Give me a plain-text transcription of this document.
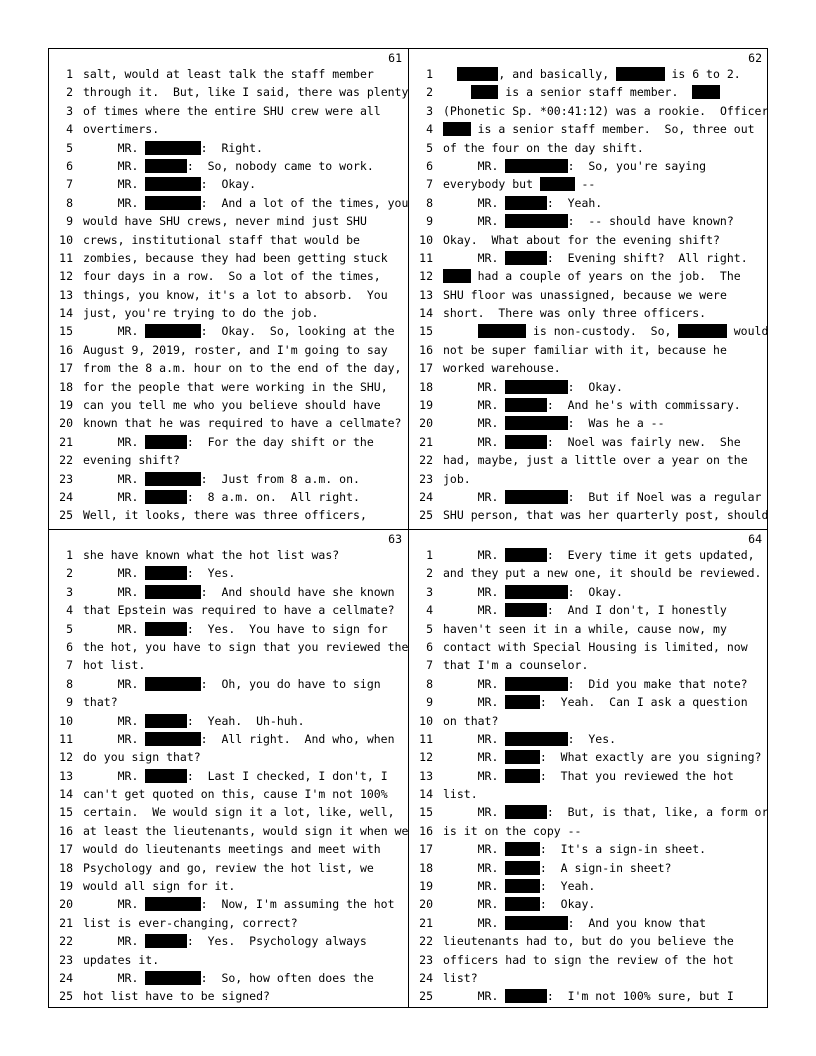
61
1 salt, would at least talk the staff member
2 through it.  But, like I said, there was plenty
3 of times where the entire SHU crew were all
4 overtimers.
5 MR.	:  Right.
6 MR.	:  So, nobody came to work.
7 MR.	:  Okay.
8 MR.	:  And a lot of the times, you
9 would have SHU crews, never mind just SHU
10 crews, institutional staff that would be
11 zombies, because they had been getting stuck
12 four days in a row.  So a lot of the times,
13 things, you know, it's a lot to absorb.  You
14 just, you're trying to do the job.
15 MR.	:  Okay.  So, looking at the
16 August 9, 2019, roster, and I'm going to say
17 from the 8 a.m. hour on to the end of the day,
18 for the people that were working in the SHU,
19 can you tell me who you believe should have
20 known that he was required to have a cellmate?
21 MR.	:  For the day shift or the
22 evening shift?
23 MR.	:  Just from 8 a.m. on.
24 MR.	:  8 a.m. on.  All right.
25 Well, it looks, there was three officers,
62
1	, and basically,	is 6 to 2.
2	is a senior staff member.
3 (Phonetic Sp. *00:41:12) was a rookie.  Officer
4	is a senior staff member.  So, three out
5 of the four on the day shift.
6 MR.	:  So, you're saying
7 everybody but	--
8 MR.	:  Yeah.
9 MR.	:  -- should have known?
10 Okay.  What about for the evening shift?
11 MR.	:  Evening shift?  All right.
12	had a couple of years on the job.  The
13 SHU floor was unassigned, because we were
14 short.  There was only three officers.
15	is non-custody.  So,	would
16 not be super familiar with it, because he
17 worked warehouse.
18 MR.	:  Okay.
19 MR.	:  And he's with commissary.
20 MR.	:  Was he a --
21 MR.	:  Noel was fairly new.  She
22 had, maybe, just a little over a year on the
23 job.
24 MR.	:  But if Noel was a regular
25 SHU person, that was her quarterly post, should
63
1 she have known what the hot list was?
2 MR.	:  Yes.
3 MR.	:  And should have she known
4 that Epstein was required to have a cellmate?
5 MR.	:  Yes.  You have to sign for
6 the hot, you have to sign that you reviewed the
7 hot list.
8 MR.	:  Oh, you do have to sign
9 that?
10 MR.	:  Yeah.  Uh-huh.
11 MR.	:  All right.  And who, when
12 do you sign that?
13 MR.	:  Last I checked, I don't, I
14 can't get quoted on this, cause I'm not 100%
15 certain.  We would sign it a lot, like, well,
16 at least the lieutenants, would sign it when we
17 would do lieutenants meetings and meet with
18 Psychology and go, review the hot list, we
19 would all sign for it.
20 MR.	:  Now, I'm assuming the hot
21 list is ever-changing, correct?
22 MR.	:  Yes.  Psychology always
23 updates it.
24 MR.	:  So, how often does the
25 hot list have to be signed?
64
1 MR.	:  Every time it gets updated,
2 and they put a new one, it should be reviewed.
3 MR.	:  Okay.
4 MR.	:  And I don't, I honestly
5 haven't seen it in a while, cause now, my
6 contact with Special Housing is limited, now
7 that I'm a counselor.
8 MR.	:  Did you make that note?
9 MR.	:  Yeah.  Can I ask a question
10 on that?
11 MR.	:  Yes.
12 MR.	:  What exactly are you signing?
13 MR.	:  That you reviewed the hot
14 list.
15 MR.	:  But, is that, like, a form or
16 is it on the copy --
17 MR.	:  It's a sign-in sheet.
18 MR.	:  A sign-in sheet?
19 MR.	:  Yeah.
20 MR.	:  Okay.
21 MR.	:  And you know that
22 lieutenants had to, but do you believe the
23 officers had to sign the review of the hot
24 list?
25 MR.	:  I'm not 100% sure, but I
